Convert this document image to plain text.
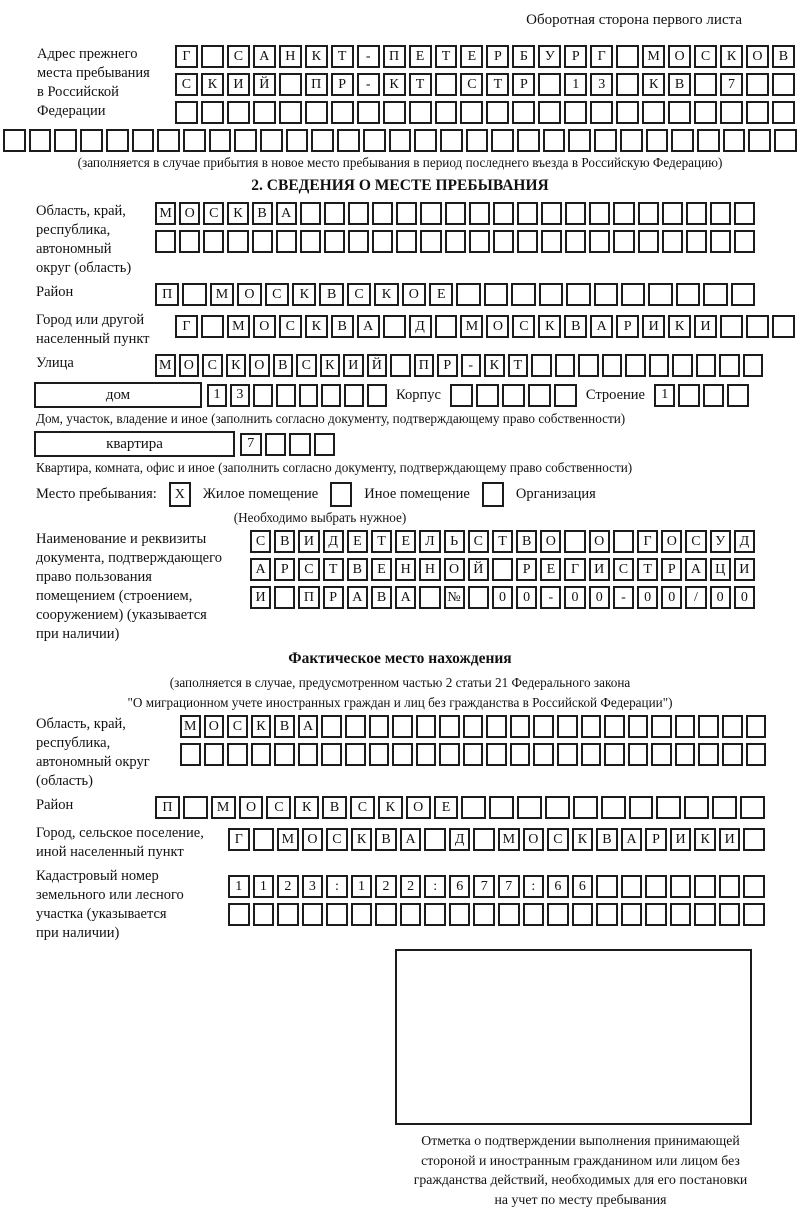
Оборотная сторона первого листа
Адрес прежнего
места пребывания
в Российской
Федерации
Г	С	А	Н	К	Т	-	П	Е	Т	Е	Р	Б	У	Р	Г	М	О	С	К	О	В
С	К	И	Й	П	Р	-	К	Т	С	Т	Р	1	3	К	В	7
(заполняется в случае прибытия в новое место пребывания в период последнего въезда в Российскую Федерацию)
2. СВЕДЕНИЯ О МЕСТЕ ПРЕБЫВАНИЯ
Область, край,
республика,
автономный
округ (область)
М О	С	К	В	А
Район	П	М	О	С	К	В	С	К	О	Е
Город или другой
населенный пункт
Г	М	О	С	К	В	А	Д	М	О	С	К	В	А	Р	И	К	И
Улица	М О С	К О В	С	К И Й	П	Р	-	К	Т
дом	1	3	Корпус	Строение	1
Дом, участок, владение и иное (заполнить согласно документу, подтверждающему право собственности)
квартира	7
Квартира, комната, офис и иное (заполнить согласно документу, подтверждающему право собственности)
Место пребывания:	X	Жилое помещение	Иное помещение	Организация
(Необходимо выбрать нужное)
Наименование и реквизиты
документа, подтверждающего
право пользования
помещением (строением,
сооружением) (указывается
при наличии)
С	В	И	Д	Е	Т	Е	Л	Ь	С	Т	В	О	О	Г	О	С	У	Д
А	Р	С	Т	В	Е	Н	Н	О	Й	Р	Е	Г	И	С	Т	Р	А	Ц	И
И	П	Р	А	В	А	№	0	0	-	0	0	-	0	0	/	0	0
Фактическое место нахождения
(заполняется в случае, предусмотренном частью 2 статьи 21 Федерального закона
"О миграционном учете иностранных граждан и лиц без гражданства в Российской Федерации")
Область, край,
республика,
автономный округ
(область)
М О С	К	В А
Район	П	М	О	С	К	В	С	К	О	Е
Город, сельское поселение,
иной населенный пункт
Г	М О	С	К	В	А	Д	М О	С	К	В	А	Р	И	К	И
Кадастровый номер
земельного или лесного
участка (указывается
при наличии)
1	1	2	3	:	1	2	2	:	6	7	7	:	6	6
Отметка о подтверждении выполнения принимающей
стороной и иностранным гражданином или лицом без
гражданства действий, необходимых для его постановки
на учет по месту пребывания
